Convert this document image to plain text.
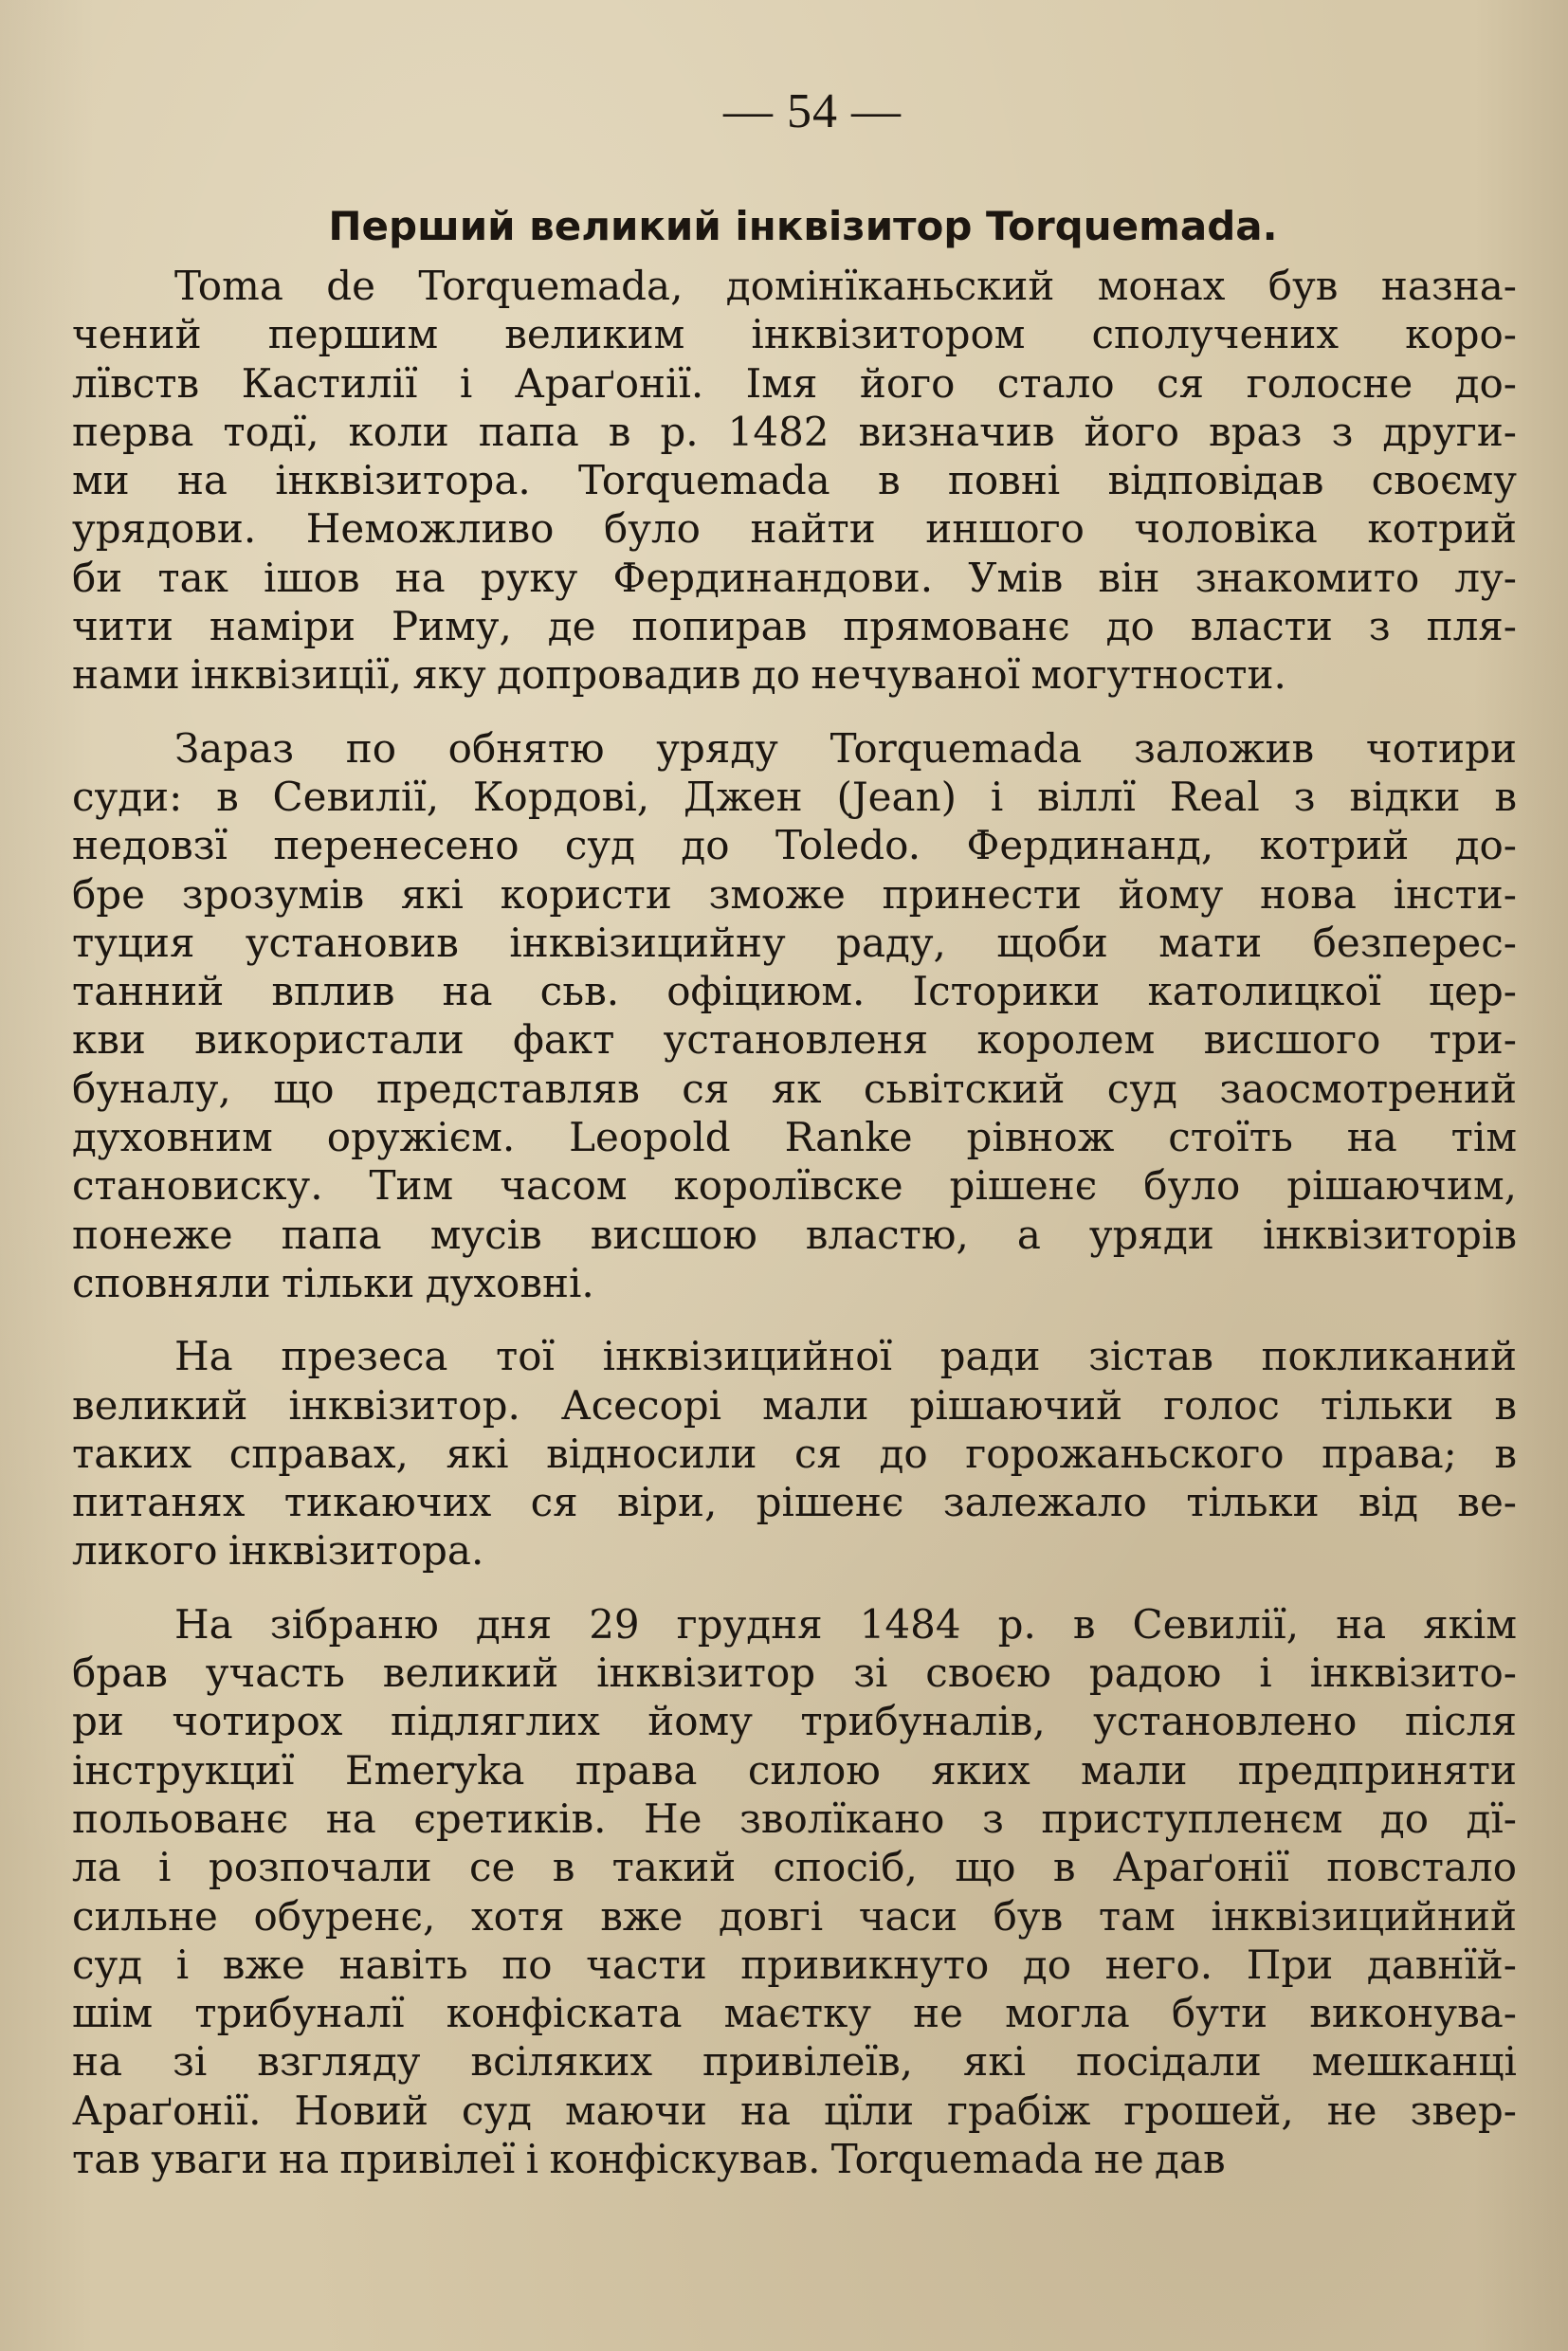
— 54 —
Перший великий інквізитор Torquemada.
Toma de Torquemada, домінїканьский монах був назна-
чений першим великим інквізитором сполучених коро-
лївств Кастилії і Араґонії. Імя його стало ся голосне до-
перва тодї, коли папа в р. 1482 визначив його враз з други-
ми на інквізитора. Torquemada в повні відповідав своєму
урядови. Неможливо було найти иншого чоловіка котрий
би так ішов на руку Фердинандови. Умів він знакомито лу-
чити наміри Риму, де попирав прямованє до власти з пля-
нами інквізиції, яку допровадив до нечуваної могутности.
Зараз по обнятю уряду Torquemada заложив чотири
суди: в Севилії, Кордові, Джен (Jean) і віллї Real з відки в
недовзї перенесено суд до Toledo. Фердинанд, котрий до-
бре зрозумів які користи зможе принести йому нова інсти-
туция установив інквізицийну раду, щоби мати безперес-
танний вплив на сьв. офіциюм. Історики католицкої цер-
кви використали факт установленя королем висшого три-
буналу, що представляв ся як сьвітский суд заосмотрений
духовним оружієм. Leopold Ranke рівнож стоїть на тім
становиску. Тим часом королївске рішенє було рішаючим,
понеже папа мусів висшою властю, а уряди інквізиторів
сповняли тільки духовні.
На презеса тої інквізицийної ради зістав покликаний
великий інквізитор. Асесорі мали рішаючий голос тільки в
таких справах, які відносили ся до горожаньского права; в
питанях тикаючих ся віри, рішенє залежало тільки від ве-
ликого інквізитора.
На зібраню дня 29 грудня 1484 р. в Севилії, на якім
брав участь великий інквізитор зі своєю радою і інквізито-
ри чотирох підляглих йому трибуналів, установлено після
інструкциї Emeryka права силою яких мали предприняти
польованє на єретиків. Не зволїкано з приступленєм до дї-
ла і розпочали се в такий спосіб, що в Араґонії повстало
сильне обуренє, хотя вже довгі часи був там інквізицийний
суд і вже навіть по части привикнуто до него. При давнїй-
шім трибуналї конфіската маєтку не могла бути виконува-
на зі взгляду всіляких привілеїв, які посідали мешканці
Араґонії. Новий суд маючи на цїли грабіж грошей, не звер-
тав уваги на привілеї і конфіскував. Torquemada не дав
